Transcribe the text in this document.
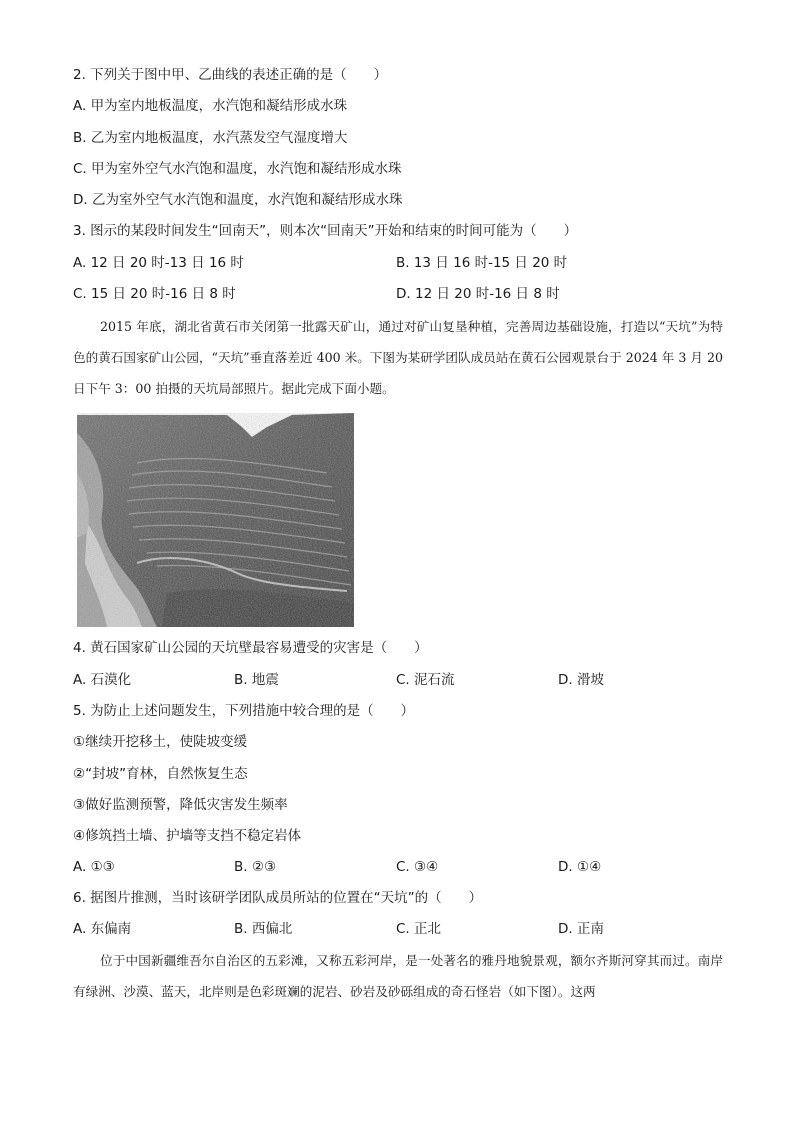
2. 下列关于图中甲、乙曲线的表述正确的是（　　）
A. 甲为室内地板温度，水汽饱和凝结形成水珠
B. 乙为室内地板温度，水汽蒸发空气湿度增大
C. 甲为室外空气水汽饱和温度，水汽饱和凝结形成水珠
D. 乙为室外空气水汽饱和温度，水汽饱和凝结形成水珠
3. 图示的某段时间发生“回南天”，则本次“回南天”开始和结束的时间可能为（　　）
A. 12 日 20 时-13 日 16 时	B. 13 日 16 时-15 日 20 时
C. 15 日 20 时-16 日 8 时	D. 12 日 20 时-16 日 8 时
2015 年底，湖北省黄石市关闭第一批露天矿山，通过对矿山复垦种植，完善周边基础设施，打造以“天坑”为特色的黄石国家矿山公园，“天坑”垂直落差近 400 米。下图为某研学团队成员站在黄石公园观景台于 2024 年 3 月 20 日下午 3：00 拍摄的天坑局部照片。据此完成下面小题。
4. 黄石国家矿山公园的天坑壁最容易遭受的灾害是（　　）
A. 石漠化	B. 地震	C. 泥石流	D. 滑坡
5. 为防止上述问题发生，下列措施中较合理的是（　　）
①继续开挖移土，使陡坡变缓
②“封坡”育林，自然恢复生态
③做好监测预警，降低灾害发生频率
④修筑挡土墙、护墙等支挡不稳定岩体
A. ①③	B. ②③	C. ③④	D. ①④
6. 据图片推测，当时该研学团队成员所站的位置在“天坑”的（　　）
A. 东偏南	B. 西偏北	C. 正北	D. 正南
位于中国新疆维吾尔自治区的五彩滩，又称五彩河岸，是一处著名的雅丹地貌景观，额尔齐斯河穿其而过。南岸有绿洲、沙漠、蓝天，北岸则是色彩斑斓的泥岩、砂岩及砂砾组成的奇石怪岩（如下图）。这两
